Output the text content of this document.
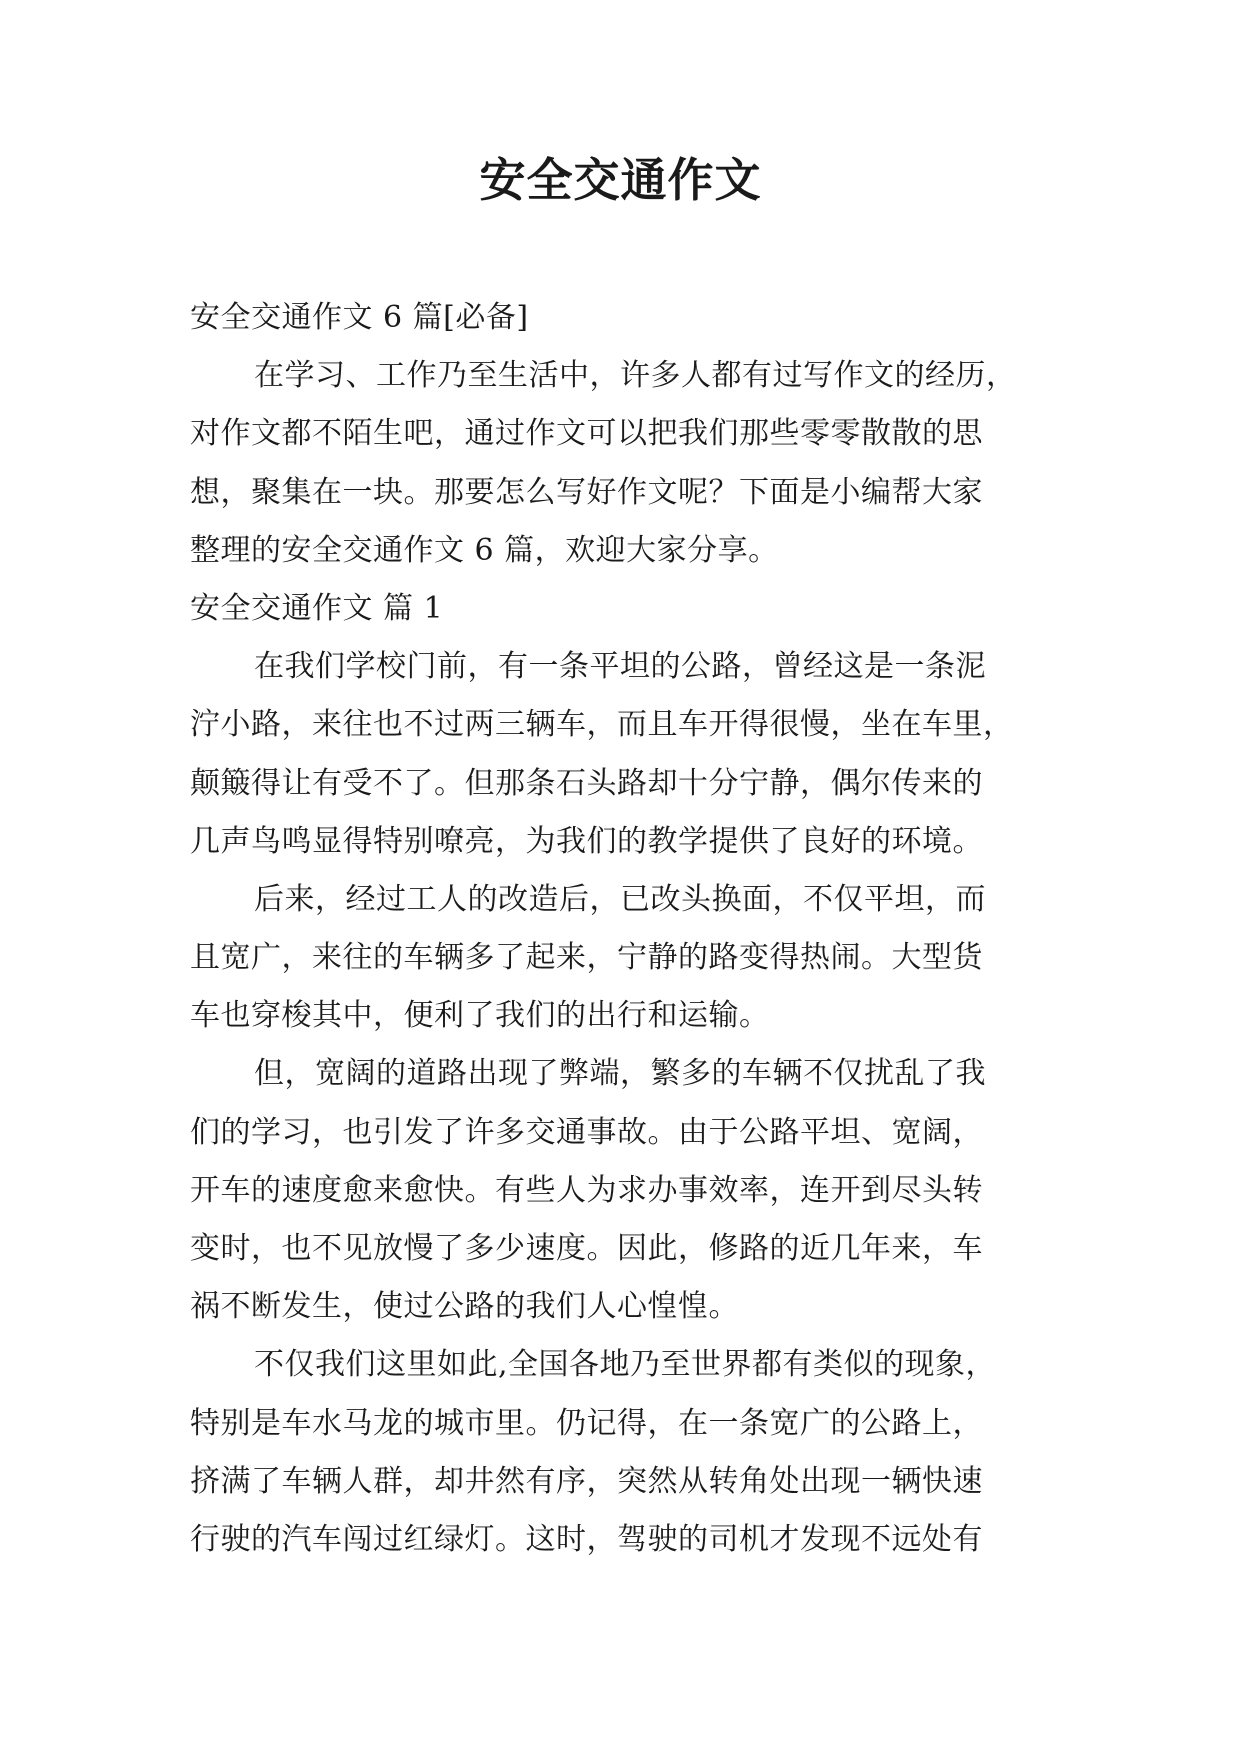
安全交通作文
安全交通作文 6 篇[必备]
在学习、工作乃至生活中，许多人都有过写作文的经历，
对作文都不陌生吧，通过作文可以把我们那些零零散散的思
想，聚集在一块。那要怎么写好作文呢？下面是小编帮大家
整理的安全交通作文 6 篇，欢迎大家分享。
安全交通作文 篇 1
在我们学校门前，有一条平坦的公路，曾经这是一条泥
泞小路，来往也不过两三辆车，而且车开得很慢，坐在车里，
颠簸得让有受不了。但那条石头路却十分宁静，偶尔传来的
几声鸟鸣显得特别嘹亮，为我们的教学提供了良好的环境。
后来，经过工人的改造后，已改头换面，不仅平坦，而
且宽广，来往的车辆多了起来，宁静的路变得热闹。大型货
车也穿梭其中，便利了我们的出行和运输。
但，宽阔的道路出现了弊端，繁多的车辆不仅扰乱了我
们的学习，也引发了许多交通事故。由于公路平坦、宽阔，
开车的速度愈来愈快。有些人为求办事效率，连开到尽头转
变时，也不见放慢了多少速度。因此，修路的近几年来，车
祸不断发生，使过公路的我们人心惶惶。
不仅我们这里如此,全国各地乃至世界都有类似的现象，
特别是车水马龙的城市里。仍记得，在一条宽广的公路上，
挤满了车辆人群，却井然有序，突然从转角处出现一辆快速
行驶的汽车闯过红绿灯。这时，驾驶的司机才发现不远处有
